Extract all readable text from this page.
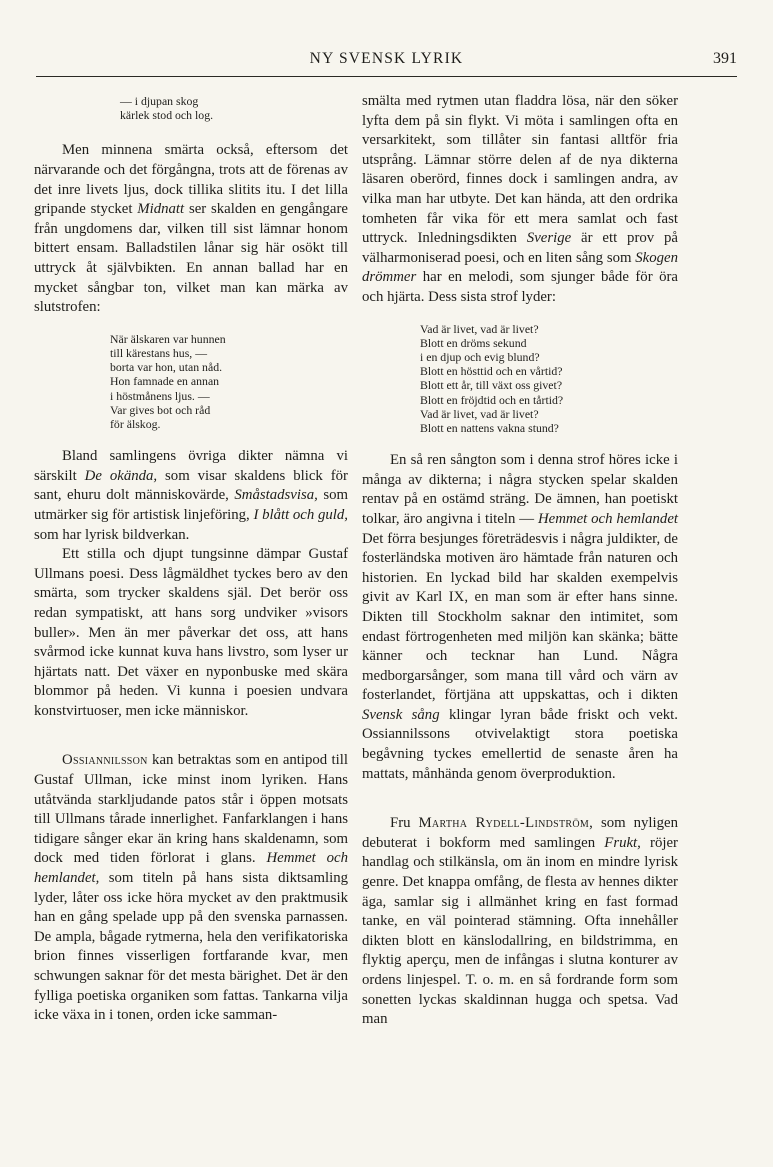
NY SVENSK LYRIK	391
— i djupan skog
kärlek stod och log.

Men minnena smärta också, eftersom det närvarande och det förgångna, trots att de förenas av det inre livets ljus, dock tillika slitits itu. I det lilla gripande stycket Midnatt ser skalden en gengångare från ungdomens dar, vilken till sist lämnar honom bittert ensam. Balladstilen lånar sig här osökt till uttryck åt självbikten. En annan ballad har en mycket sångbar ton, vilket man kan märka av slutstrofen:

När älskaren var hunnen
till kärestans hus, —
borta var hon, utan nåd.
Hon famnade en annan
i höstmånens ljus. —
Var gives bot och råd
för älskog.

Bland samlingens övriga dikter nämna vi särskilt De okända, som visar skaldens blick för sant, ehuru dolt människovärde, Småstadsvisa, som utmärker sig för artistisk linjeföring, I blått och guld, som har lyrisk bildverkan.

Ett stilla och djupt tungsinne dämpar Gustaf Ullmans poesi. Dess lågmäldhet tyckes bero av den smärta, som trycker skaldens själ. Det berör oss redan sympatiskt, att hans sorg undviker »visors buller». Men än mer påverkar det oss, att hans svårmod icke kunnat kuva hans livstro, som lyser ur hjärtats natt. Det växer en nyponbuske med skära blommor på heden. Vi kunna i poesien undvara konstvirtuoser, men icke människor.

Ossiannilsson kan betraktas som en antipod till Gustaf Ullman, icke minst inom lyriken. Hans utåtvända starkljudande patos står i öppen motsats till Ullmans tårade innerlighet. Fanfarklangen i hans tidigare sånger ekar än kring hans skaldenamn, som dock med tiden förlorat i glans. Hemmet och hemlandet, som titeln på hans sista diktsamling lyder, låter oss icke höra mycket av den praktmusik han en gång spelade upp på den svenska parnassen. De ampla, bågade rytmerna, hela den verifikatoriska brion finnes visserligen fortfarande kvar, men schwungen saknar för det mesta bärighet. Det är den fylliga poetiska organiken som fattas. Tankarna vilja icke växa in i tonen, orden icke samman-

smälta med rytmen utan fladdra lösa, när den söker lyfta dem på sin flykt. Vi möta i samlingen ofta en versarkitekt, som tillåter sin fantasi alltför fria utsprång. Lämnar större delen af de nya dikterna läsaren oberörd, finnes dock i samlingen andra, av vilka man har utbyte. Det kan hända, att den ordrika tomheten får vika för ett mera samlat och fast uttryck. Inledningsdikten Sverige är ett prov på välharmoniserad poesi, och en liten sång som Skogen drömmer har en melodi, som sjunger både för öra och hjärta. Dess sista strof lyder:

Vad är livet, vad är livet?
Blott en dröms sekund
i en djup och evig blund?
Blott en hösttid och en vårtid?
Blott ett år, till växt oss givet?
Blott en fröjdtid och en tårtid?
Vad är livet, vad är livet?
Blott en nattens vakna stund?

En så ren sångton som i denna strof höres icke i många av dikterna; i några stycken spelar skalden rentav på en ostämd sträng. De ämnen, han poetiskt tolkar, äro angivna i titeln — Hemmet och hemlandet Det förra besjunges företrädesvis i några juldikter, de fosterländska motiven äro hämtade från naturen och historien. En lyckad bild har skalden exempelvis givit av Karl IX, en man som är efter hans sinne. Dikten till Stockholm saknar den intimitet, som endast förtrogenheten med miljön kan skänka; bätte känner och tecknar han Lund. Några medborgarsånger, som mana till vård och värn av fosterlandet, förtjäna att uppskattas, och i dikten Svensk sång klingar lyran både friskt och vekt. Ossiannilssons otvivelaktigt stora poetiska begåvning tyckes emellertid de senaste åren ha mattats, månhända genom överproduktion.

Fru Martha Rydell-Lindström, som nyligen debuterat i bokform med samlingen Frukt, röjer handlag och stilkänsla, om än inom en mindre lyrisk genre. Det knappa omfång, de flesta av hennes dikter äga, samlar sig i allmänhet kring en fast formad tanke, en väl pointerad stämning. Ofta innehåller dikten blott en känslodallring, en bildstrimma, en flyktig aperçu, men de infångas i slutna konturer av ordens linjespel. T. o. m. en så fordrande form som sonetten lyckas skaldinnan hugga och spetsa. Vad man
